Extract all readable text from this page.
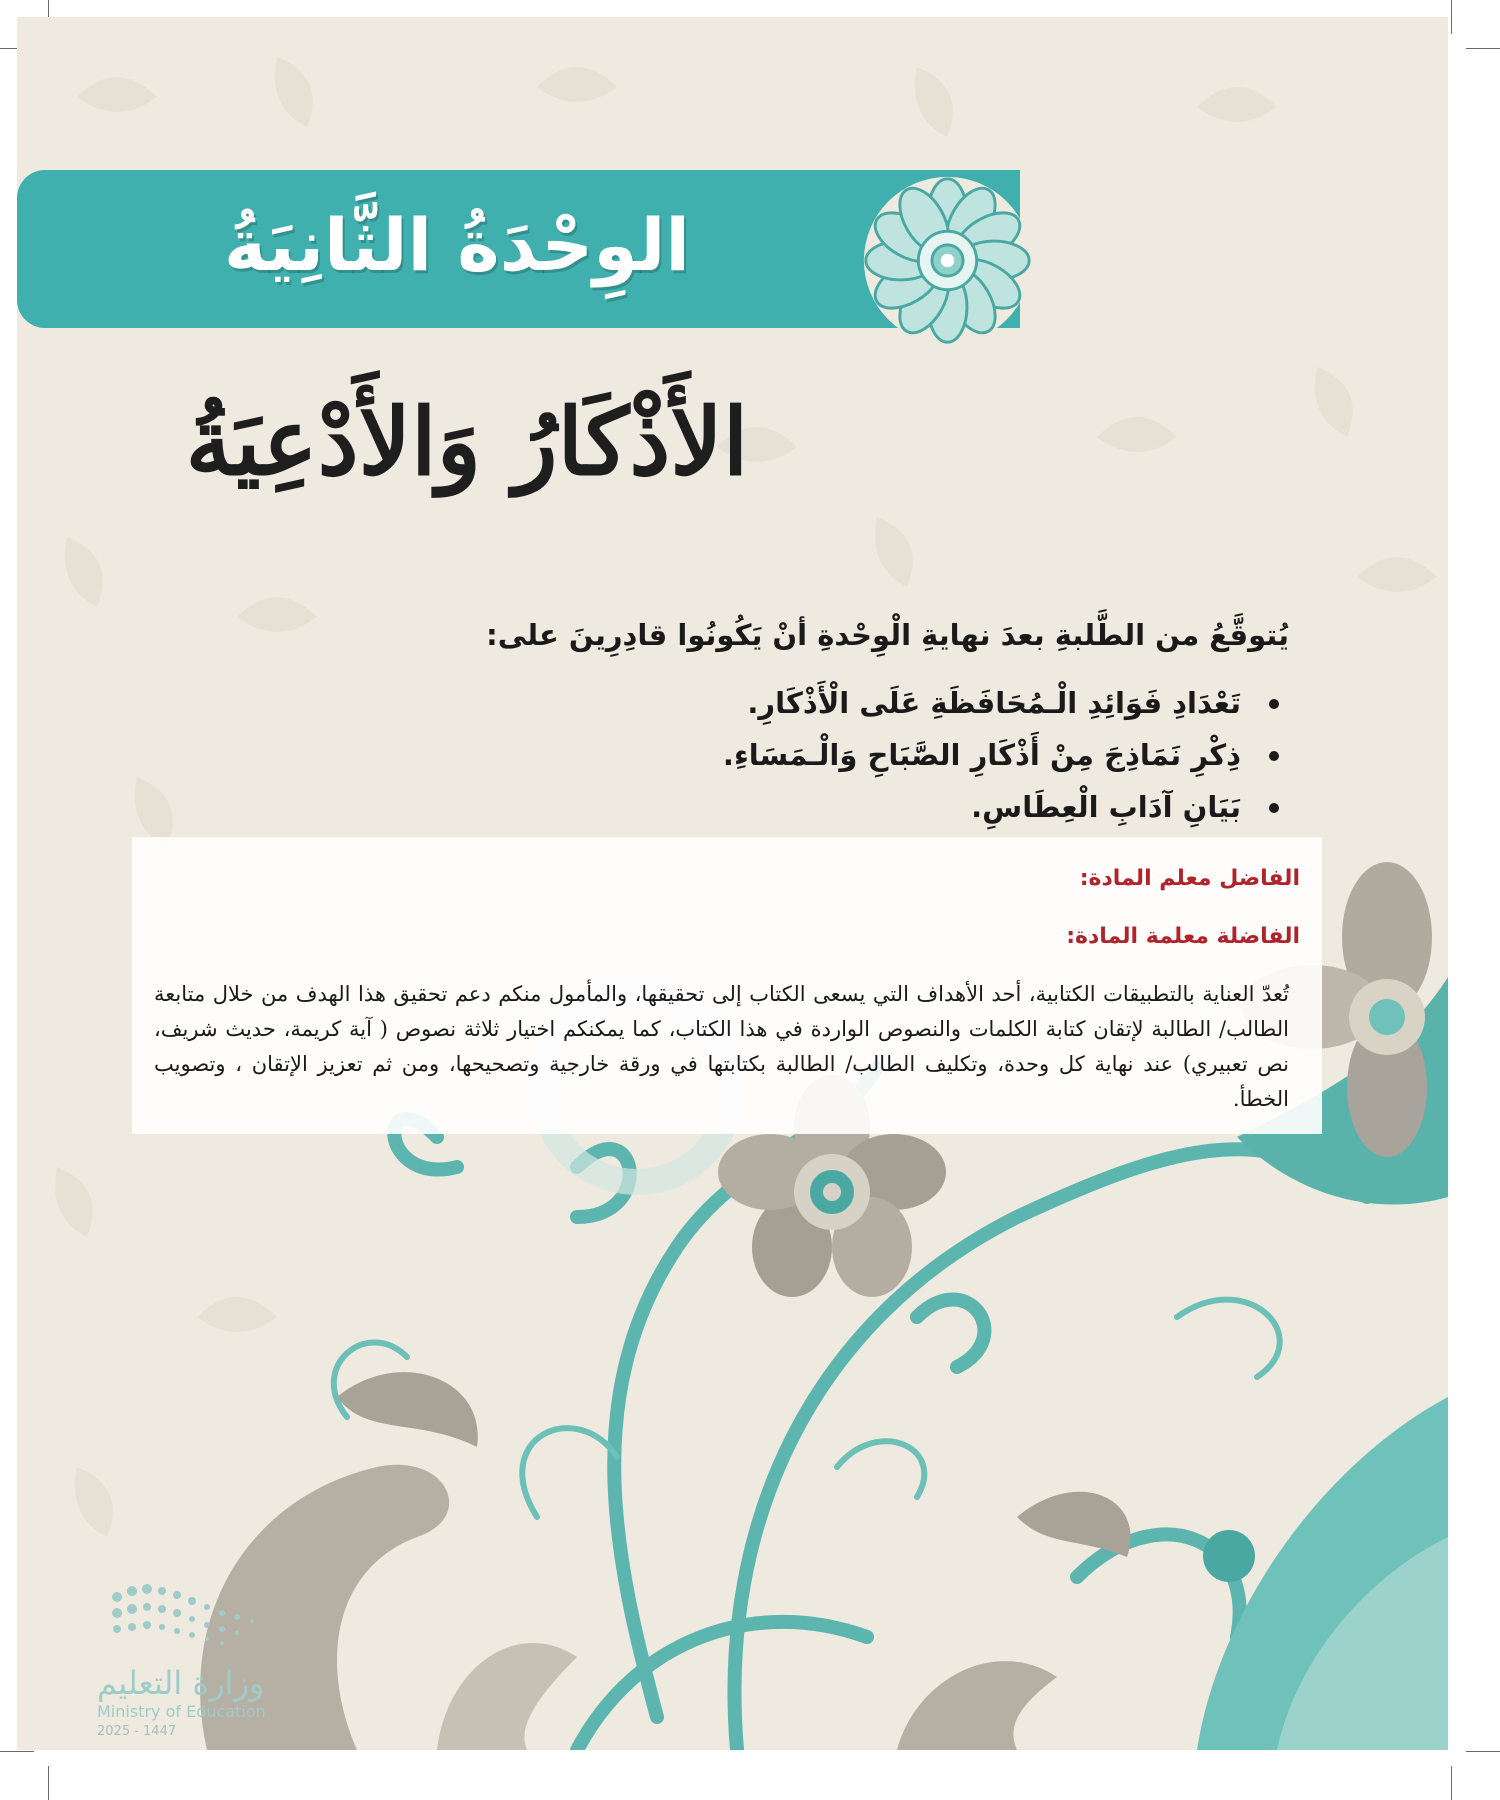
الوِحْدَةُ الثَّانِيَةُ
الأَذْكَارُ وَالأَدْعِيَةُ
يُتوقَّعُ من الطَّلبةِ بعدَ نهايةِ الْوِحْدةِ أنْ يَكُونُوا قادِرِينَ على:
تَعْدَادِ فَوَائِدِ الْـمُحَافَظَةِ عَلَى الْأَذْكَارِ.
ذِكْرِ نَمَاذِجَ مِنْ أَذْكَارِ الصَّبَاحِ وَالْـمَسَاءِ.
بَيَانِ آدَابِ الْعِطَاسِ.
الفاضل معلم المادة:
الفاضلة معلمة المادة:
تُعدّ العناية بالتطبيقات الكتابية، أحد الأهداف التي يسعى الكتاب إلى تحقيقها، والمأمول منكم دعم تحقيق هذا الهدف من خلال متابعة الطالب/ الطالبة لإتقان كتابة الكلمات والنصوص الواردة في هذا الكتاب، كما يمكنكم اختيار ثلاثة نصوص ( آية كريمة، حديث شريف، نص تعبيري) عند نهاية كل وحدة، وتكليف الطالب/ الطالبة بكتابتها في ورقة خارجية وتصحيحها، ومن ثم تعزيز الإتقان ، وتصويب الخطأ.
وزارة التعليم
Ministry of Education
2025 - 1447
